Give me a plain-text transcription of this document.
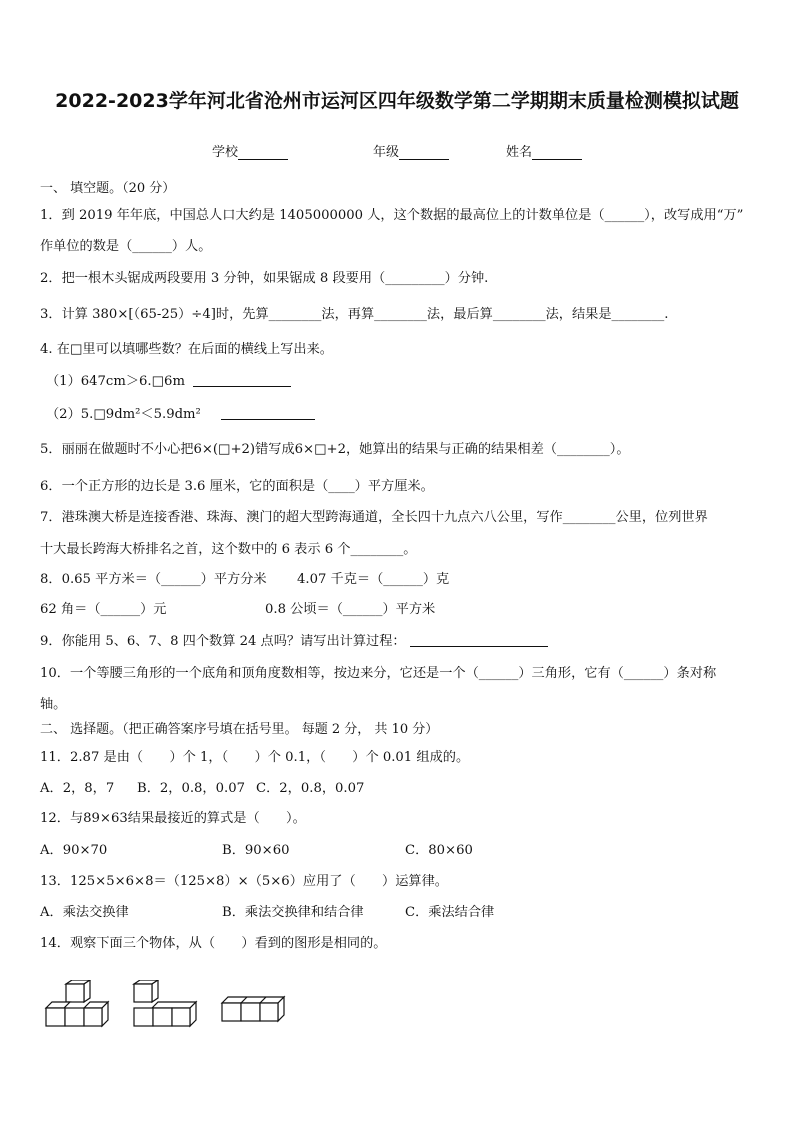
2022-2023学年河北省沧州市运河区四年级数学第二学期期末质量检测模拟试题
学校	年级	姓名
一、 填空题。（20 分）
1．到 2019 年年底，中国总人口大约是 1405000000 人，这个数据的最高位上的计数单位是（______），改写成用“万”
作单位的数是（______）人。
2．把一根木头锯成两段要用 3 分钟，如果锯成 8 段要用（_________）分钟.
3．计算 380×[（65-25）÷4]时，先算________法，再算________法，最后算________法，结果是________.
4. 在□里可以填哪些数？在后面的横线上写出来。
（1）647cm＞6.□6m
（2）5.□9dm²＜5.9dm²
5．丽丽在做题时不小心把6×(□+2)错写成6×□+2，她算出的结果与正确的结果相差（________）。
6．一个正方形的边长是 3.6 厘米，它的面积是（____）平方厘米。
7．港珠澳大桥是连接香港、珠海、澳门的超大型跨海通道，全长四十九点六八公里，写作________公里，位列世界
十大最长跨海大桥排名之首，这个数中的 6 表示 6 个________。
8．0.65 平方米＝（______）平方分米 4.07 千克＝（______）克
62 角＝（______）元	0.8 公顷＝（______）平方米
9．你能用 5、6、7、8 四个数算 24 点吗？请写出计算过程：
10．一个等腰三角形的一个底角和顶角度数相等，按边来分，它还是一个（______）三角形，它有（______）条对称
轴。
二、 选择题。（把正确答案序号填在括号里。 每题 2 分， 共 10 分）
11．2.87 是由（　　）个 1，（　　）个 0.1，（　　）个 0.01 组成的。
A．2，8，7 B．2，0.8，0.07 C．2，0.8，0.07
12．与89×63结果最接近的算式是（　　）。
A．90×70	B．90×60	C．80×60
13．125×5×6×8＝（125×8）×（5×6）应用了（　　）运算律。
A．乘法交换律	B．乘法交换律和结合律	C．乘法结合律
14．观察下面三个物体，从（　　）看到的图形是相同的。
